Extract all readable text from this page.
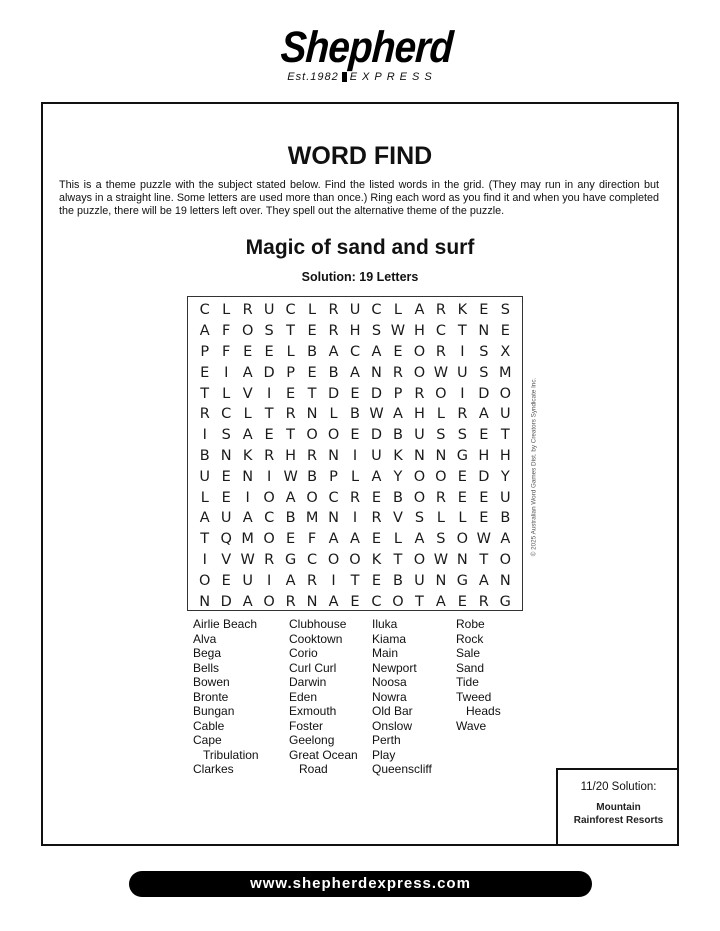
Shepherd
Est.1982 EXPRESS
WORD FIND
This is a theme puzzle with the subject stated below. Find the listed words in the grid. (They may run in any direction but always in a straight line. Some letters are used more than once.) Ring each word as you find it and when you have completed the puzzle, there will be 19 letters left over. They spell out the alternative theme of the puzzle.
Magic of sand and surf
Solution: 19 Letters
C L R U C L R U C L A R K E S
A F O S T E R H S W H C T N E
P F E E L B A C A E O R I	S X
E	I A D P E B A N R O W U S M
T L V I	E T D E D P R O I D O
R C L T R N L B W A H L R A U
I	S A E T O O E D B U S S E T
B N K R H R N I U K N N G H H
U E N I W B P L A Y O O E D Y
L E	I O A O C R E B O R E E U
A U A C B M N I R V S L L E B
T Q M O E F A A E L A S O W A
I V W R G C O O K T O W N T O
O E U I A R I	T E B U N G A N
N D A O R N A E C O T A E R G
© 2025 Australian Word Games Dist. by Creators Syndicate Inc.
Airlie Beach
Alva
Bega
Bells
Bowen
Bronte
Bungan
Cable
Cape
Tribulation
Clarkes
Clubhouse
Cooktown
Corio
Curl Curl
Darwin
Eden
Exmouth
Foster
Geelong
Great Ocean
Road
Iluka
Kiama
Main
Newport
Noosa
Nowra
Old Bar
Onslow
Perth
Play
Queenscliff
Robe
Rock
Sale
Sand
Tide
Tweed
Heads
Wave
11/20 Solution:
Mountain
Rainforest Resorts
www.shepherdexpress.com
